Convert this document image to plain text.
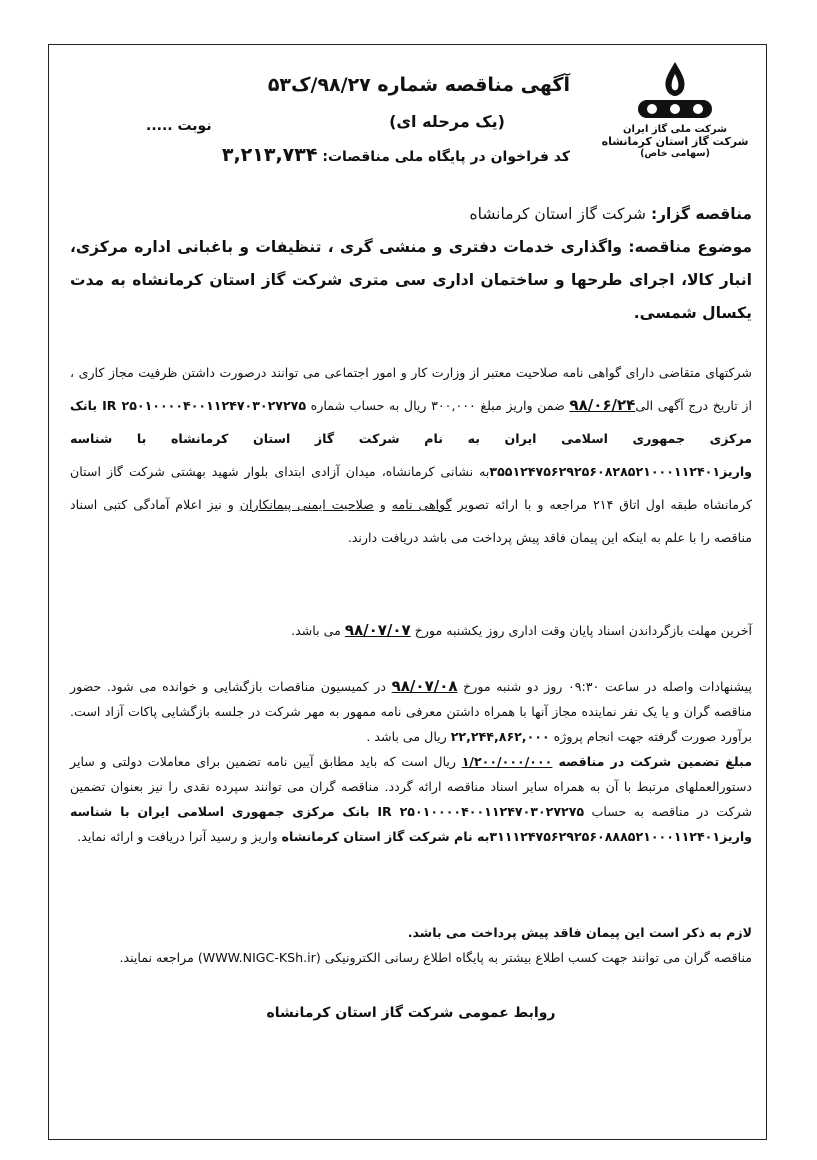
شرکت ملی گاز ایران
شرکت گاز استان کرمانشاه
(سهامی خاص)
آگهی مناقصه شماره ۹۸/۲۷/ک۵۳
(یک مرحله ای)
کد فراخوان در پایگاه ملی مناقصات: ۳,۲۱۳,۷۳۴
نوبت .....
مناقصه گزار: شرکت گاز استان کرمانشاه
موضوع مناقصه: واگذاری خدمات دفتری و منشی گری ، تنظیفات و باغبانی اداره مرکزی، انبار کالا، اجرای طرحها و ساختمان اداری سی متری شرکت گاز استان کرمانشاه به مدت یکسال شمسی.
شرکتهای متقاضی دارای گواهی نامه صلاحیت معتبر از وزارت کار و امور اجتماعی می توانند درصورت داشتن ظرفیت مجاز کاری ، از تاریخ درج آگهی الی۹۸/۰۶/۲۴ ضمن واریز مبلغ ۳۰۰,۰۰۰ ریال به حساب شماره IR ۲۵۰۱۰۰۰۰۴۰۰۱۱۲۴۷۰۳۰۲۷۲۷۵ بانک مرکزی جمهوری اسلامی ایران به نام شرکت گاز استان کرمانشاه با شناسه واریز۳۵۵۱۲۴۷۵۶۲۹۲۵۶۰۸۲۸۵۲۱۰۰۰۱۱۲۴۰۱به نشانی کرمانشاه، میدان آزادی ابتدای بلوار شهید بهشتی شرکت گاز استان کرمانشاه طبقه اول اتاق ۲۱۴ مراجعه و با ارائه تصویر گواهی نامه و صلاحیت ایمنی پیمانکاران و نیز اعلام آمادگی کتبی اسناد مناقصه را با علم به اینکه این پیمان فاقد پیش پرداخت می باشد دریافت دارند.
آخرین مهلت بازگرداندن اسناد پایان وقت اداری روز یکشنبه مورخ ۹۸/۰۷/۰۷ می باشد.
پیشنهادات واصله در ساعت ۰۹:۳۰ روز دو شنبه مورخ ۹۸/۰۷/۰۸ در کمیسیون مناقصات بازگشایی و خوانده می شود. حضور مناقصه گران و یا یک نفر نماینده مجاز آنها با همراه داشتن معرفی نامه ممهور به مهر شرکت در جلسه بازگشایی پاکات آزاد است. برآورد صورت گرفته جهت انجام پروژه ۲۲,۲۴۴,۸۶۲,۰۰۰ ریال می باشد .
مبلغ تضمین شرکت در مناقصه ۱/۲۰۰/۰۰۰/۰۰۰ ریال است که باید مطابق آیین نامه تضمین برای معاملات دولتی و سایر دستورالعملهای مرتبط با آن به همراه سایر اسناد مناقصه ارائه گردد. مناقصه گران می توانند سپرده نقدی را نیز بعنوان تضمین شرکت در مناقصه به حساب IR ۲۵۰۱۰۰۰۰۴۰۰۱۱۲۴۷۰۳۰۲۷۲۷۵ بانک مرکزی جمهوری اسلامی ایران با شناسه واریز۳۱۱۱۲۴۷۵۶۲۹۲۵۶۰۸۸۸۵۲۱۰۰۰۱۱۲۴۰۱به نام شرکت گاز استان کرمانشاه واریز و رسید آنرا دریافت و ارائه نماید.
لازم به ذکر است این پیمان فاقد پیش پرداخت می باشد.
مناقصه گران می توانند جهت کسب اطلاع بیشتر به پایگاه اطلاع رسانی الکترونیکی (WWW.NIGC-KSh.ir) مراجعه نمایند.
روابط عمومی شرکت گاز استان کرمانشاه
